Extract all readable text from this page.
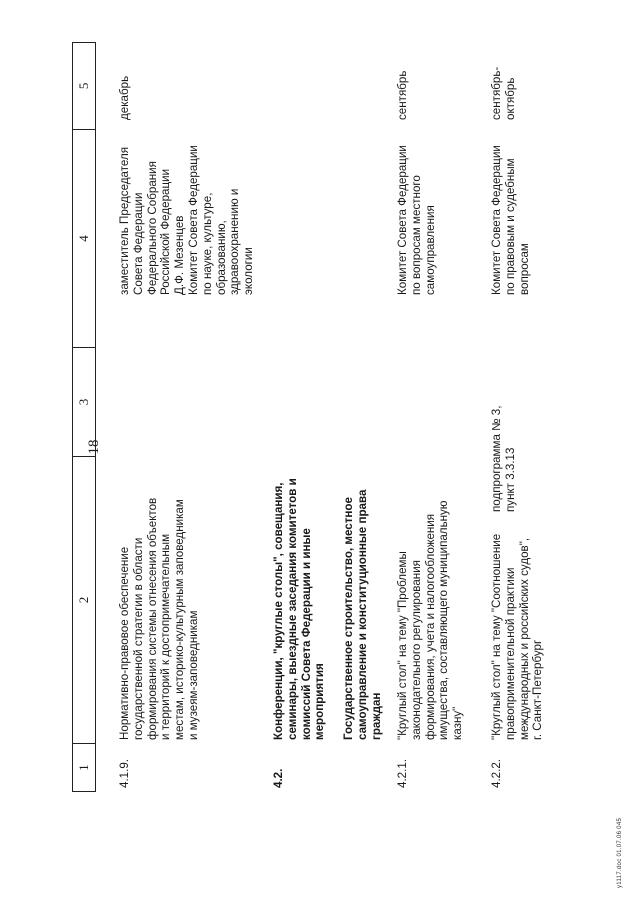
18
1
2
3
4
5
4.1.9.
Нормативно-правовое обеспечение
государственной стратегии в области
формирования системы отнесения объектов
и территорий к достопримечательным
местам, историко-культурным заповедникам
и музеям-заповедникам
заместитель Председателя
Совета Федерации
Федерального Собрания
Российской Федерации
Д.Ф. Мезенцев
Комитет Совета Федерации
по науке, культуре,
образованию,
здравоохранению и
экологии
декабрь
4.2.
Конференции, "круглые столы", совещания,
семинары, выездные заседания комитетов и
комиссий Совета Федерации и иные
мероприятия Государственное строительство, местное
самоуправление и конституционные права
граждан
4.2.1.
"Круглый стол" на тему "Проблемы
законодательного регулирования
формирования, учета и налогообложения
имущества, составляющего муниципальную
казну"
Комитет Совета Федерации
по вопросам местного
самоуправления
сентябрь
4.2.2.
"Круглый стол" на тему "Соотношение
правоприменительной практики
международных и российских судов",
г. Санкт-Петербург
подпрограмма № 3,
пункт 3.3.13
Комитет Совета Федерации
по правовым и судебным
вопросам
сентябрь-
октябрь
у1117.doc 01.07.06 045
